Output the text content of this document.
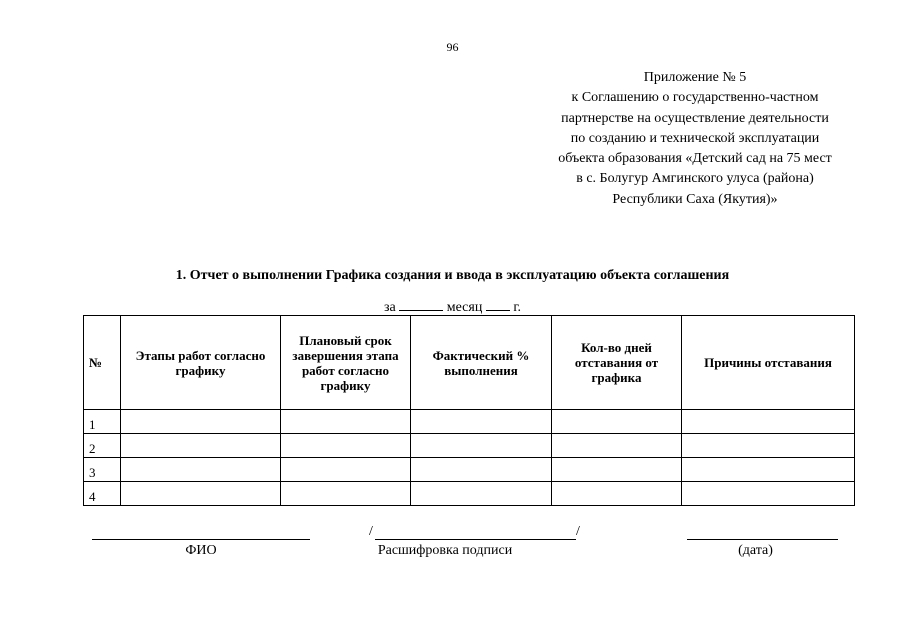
96
Приложение № 5
к Соглашению о государственно-частном
партнерстве на осуществление деятельности
по созданию и технической эксплуатации
объекта образования «Детский сад на 75 мест
в с. Болугур Амгинского улуса (района)
Республики Саха (Якутия)»
1. Отчет о выполнении Графика создания и ввода в эксплуатацию объекта соглашения
за	месяц г.
№	Этапы работ согласно графику	Плановый срок завершения этапа работ согласно графику	Фактический % выполнения	Кол-во дней отставания от графика	Причины отставания
1					
2					
3					
4					
ФИО
/	/
Расшифровка подписи	(дата)
